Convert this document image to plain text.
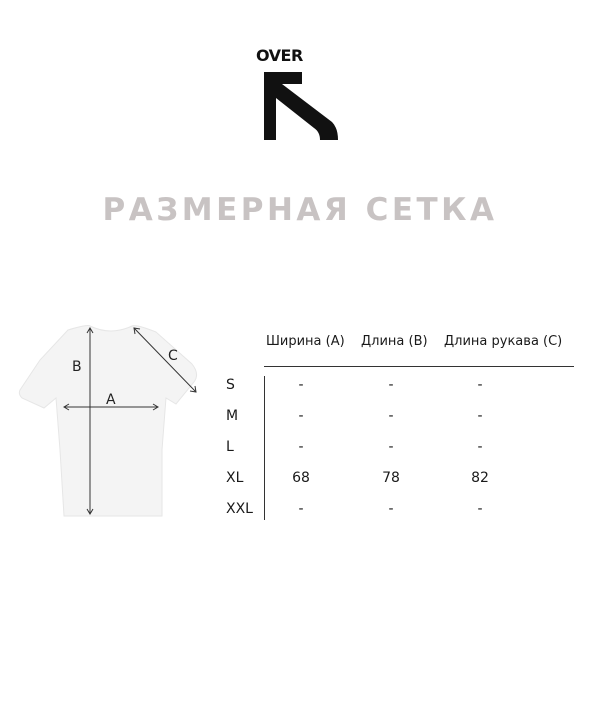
OVER
РАЗМЕРНАЯ СЕТКА
A
B
C
Ширина (A) Длина (B) Длина рукава (C)
S	-	-	-
M	-	-	-
L	-	-	-
XL	68	78	82
XXL	-	-	-
